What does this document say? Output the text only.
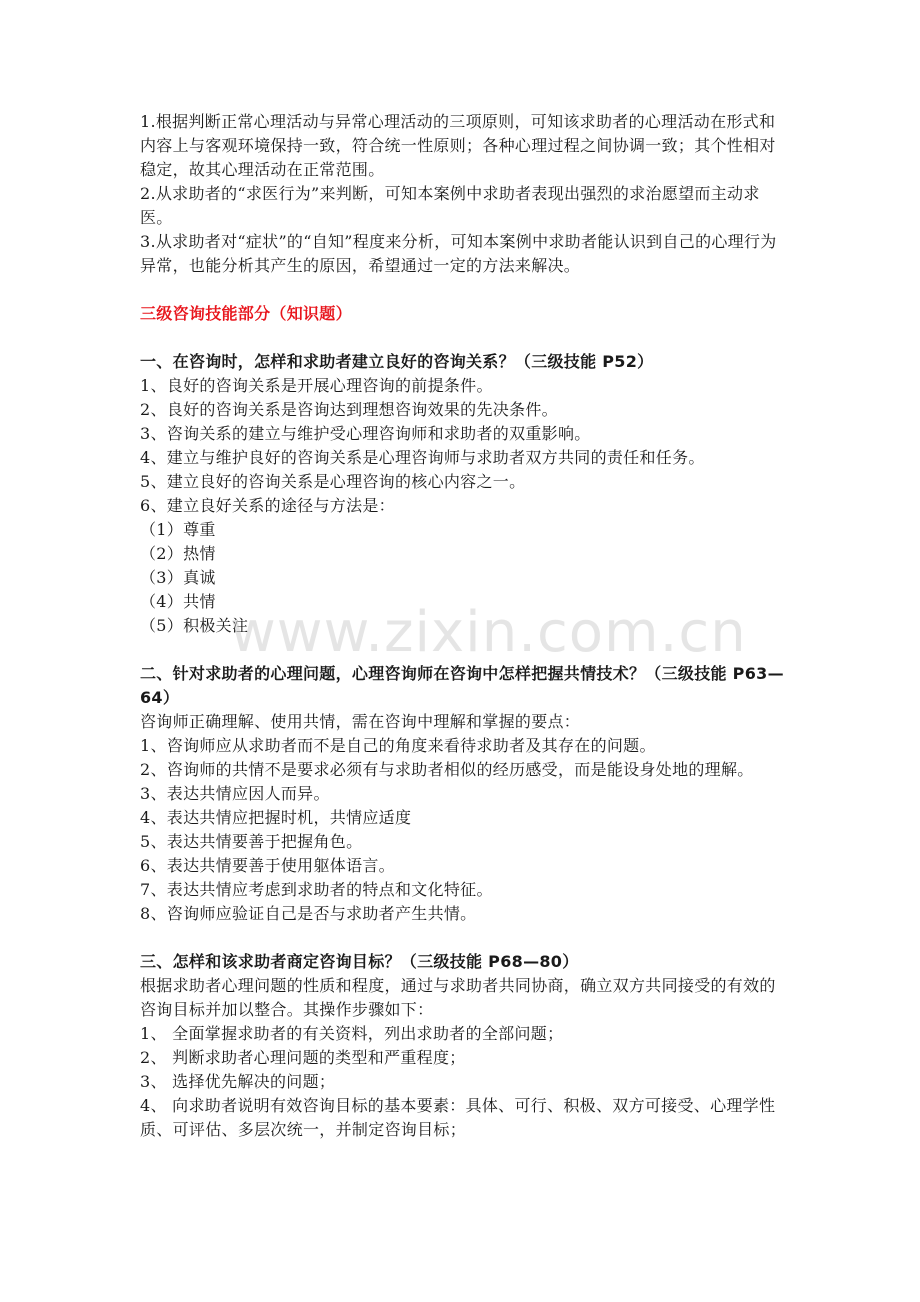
1.根据判断正常心理活动与异常心理活动的三项原则，可知该求助者的心理活动在形式和内容上与客观环境保持一致，符合统一性原则；各种心理过程之间协调一致；其个性相对稳定，故其心理活动在正常范围。

2.从求助者的“求医行为”来判断，可知本案例中求助者表现出强烈的求治愿望而主动求医。

3.从求助者对“症状”的“自知”程度来分析，可知本案例中求助者能认识到自己的心理行为异常，也能分析其产生的原因，希望通过一定的方法来解决。

三级咨询技能部分（知识题）

一、在咨询时，怎样和求助者建立良好的咨询关系？（三级技能 P52）

1、良好的咨询关系是开展心理咨询的前提条件。

2、良好的咨询关系是咨询达到理想咨询效果的先决条件。

3、咨询关系的建立与维护受心理咨询师和求助者的双重影响。

4、建立与维护良好的咨询关系是心理咨询师与求助者双方共同的责任和任务。

5、建立良好的咨询关系是心理咨询的核心内容之一。

6、建立良好关系的途径与方法是：

（1）尊重

（2）热情

（3）真诚

（4）共情

（5）积极关注

二、针对求助者的心理问题，心理咨询师在咨询中怎样把握共情技术？（三级技能 P63—64）

咨询师正确理解、使用共情，需在咨询中理解和掌握的要点：

1、咨询师应从求助者而不是自己的角度来看待求助者及其存在的问题。

2、咨询师的共情不是要求必须有与求助者相似的经历感受，而是能设身处地的理解。

3、表达共情应因人而异。

4、表达共情应把握时机，共情应适度

5、表达共情要善于把握角色。

6、表达共情要善于使用躯体语言。

7、表达共情应考虑到求助者的特点和文化特征。

8、咨询师应验证自己是否与求助者产生共情。

三、怎样和该求助者商定咨询目标？（三级技能 P68—80）

根据求助者心理问题的性质和程度，通过与求助者共同协商，确立双方共同接受的有效的咨询目标并加以整合。其操作步骤如下：

1、 全面掌握求助者的有关资料，列出求助者的全部问题；

2、 判断求助者心理问题的类型和严重程度；

3、 选择优先解决的问题；

4、 向求助者说明有效咨询目标的基本要素：具体、可行、积极、双方可接受、心理学性质、可评估、多层次统一，并制定咨询目标；

www.zixin.com.cn
